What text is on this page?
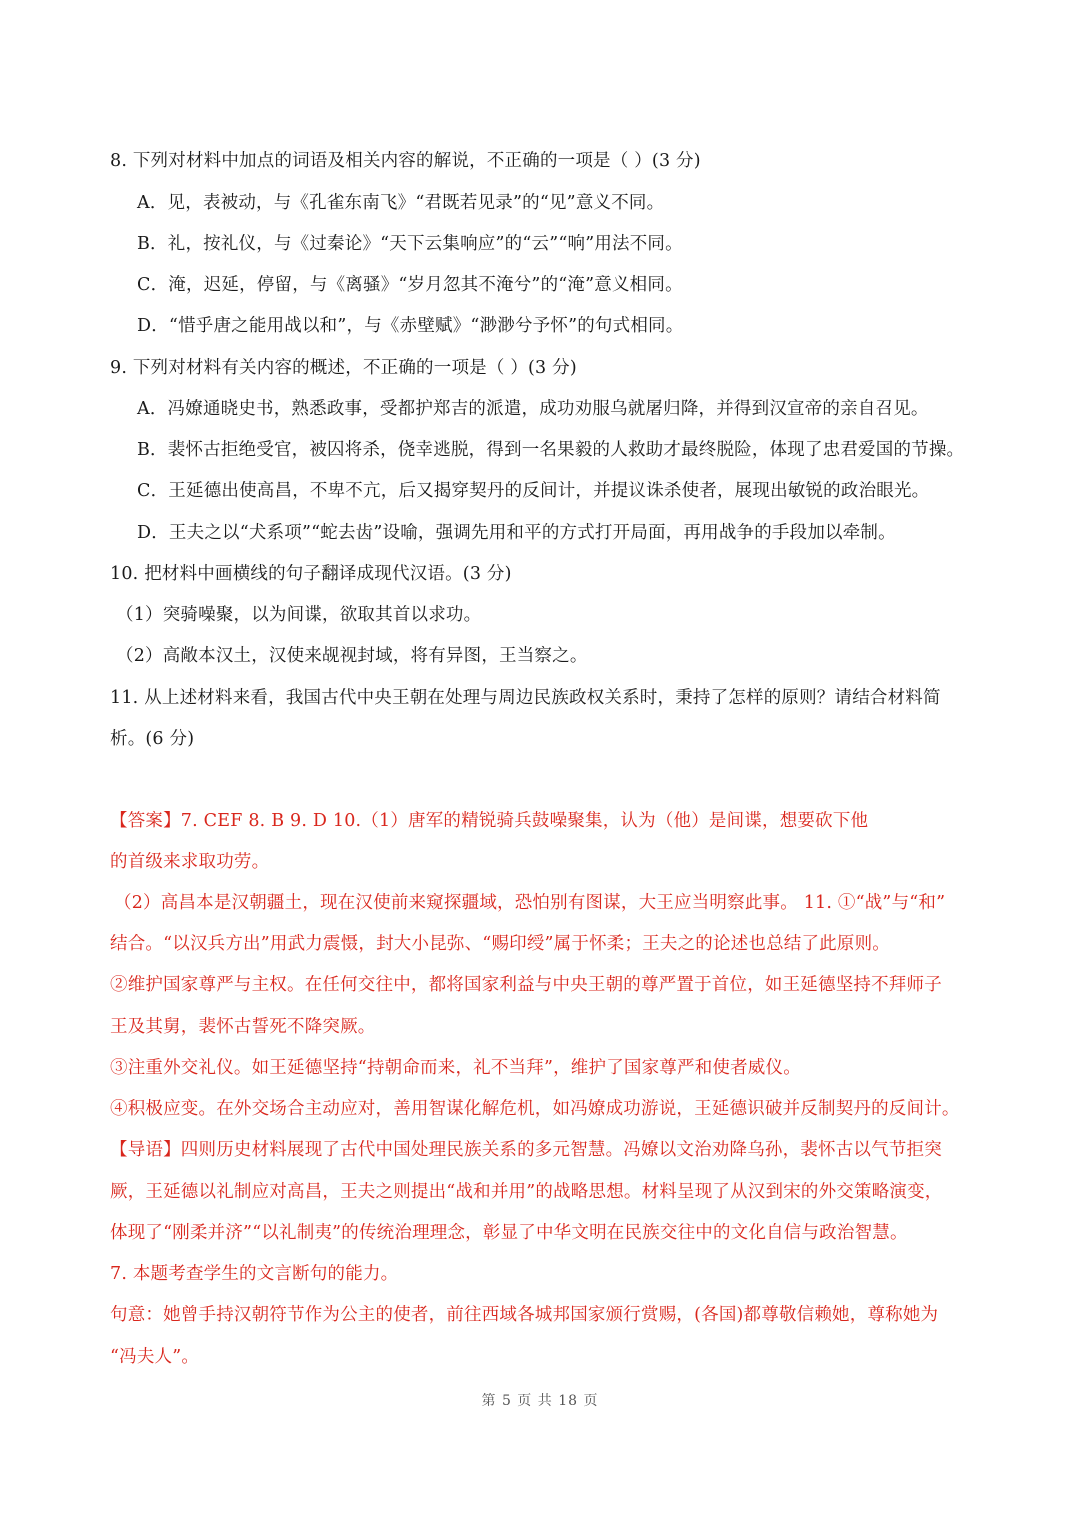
8. 下列对材料中加点的词语及相关内容的解说，不正确的一项是（ ）(3 分)
A．见，表被动，与《孔雀东南飞》“君既若见录”的“见”意义不同。
B．礼，按礼仪，与《过秦论》“天下云集响应”的“云”“响”用法不同。
C．淹，迟延，停留，与《离骚》“岁月忽其不淹兮”的“淹”意义相同。
D．“惜乎唐之能用战以和”，与《赤壁赋》“渺渺兮予怀”的句式相同。
9. 下列对材料有关内容的概述，不正确的一项是（ ）(3 分)
A．冯嫽通晓史书，熟悉政事，受都护郑吉的派遣，成功劝服乌就屠归降，并得到汉宣帝的亲自召见。
B．裴怀古拒绝受官，被囚将杀，侥幸逃脱，得到一名果毅的人救助才最终脱险，体现了忠君爱国的节操。
C．王延德出使高昌，不卑不亢，后又揭穿契丹的反间计，并提议诛杀使者，展现出敏锐的政治眼光。
D．王夫之以“犬系项”“蛇去齿”设喻，强调先用和平的方式打开局面，再用战争的手段加以牵制。
10. 把材料中画横线的句子翻译成现代汉语。(3 分)
（1）突骑噪聚，以为间谍，欲取其首以求功。
（2）高敞本汉土，汉使来觇视封域，将有异图，王当察之。
11. 从上述材料来看，我国古代中央王朝在处理与周边民族政权关系时，秉持了怎样的原则？请结合材料简
析。(6 分)
【答案】7. CEF 8. B 9. D 10.（1）唐军的精锐骑兵鼓噪聚集，认为（他）是间谍，想要砍下他
的首级来求取功劳。
（2）高昌本是汉朝疆土，现在汉使前来窥探疆域，恐怕别有图谋，大王应当明察此事。 11. ①“战”与“和”
结合。“以汉兵方出”用武力震慑，封大小昆弥、“赐印绶”属于怀柔；王夫之的论述也总结了此原则。
②维护国家尊严与主权。在任何交往中，都将国家利益与中央王朝的尊严置于首位，如王延德坚持不拜师子
王及其舅，裴怀古誓死不降突厥。
③注重外交礼仪。如王延德坚持“持朝命而来，礼不当拜”，维护了国家尊严和使者威仪。
④积极应变。在外交场合主动应对，善用智谋化解危机，如冯嫽成功游说，王延德识破并反制契丹的反间计。
【导语】四则历史材料展现了古代中国处理民族关系的多元智慧。冯嫽以文治劝降乌孙，裴怀古以气节拒突
厥，王延德以礼制应对高昌，王夫之则提出“战和并用”的战略思想。材料呈现了从汉到宋的外交策略演变，
体现了“刚柔并济”“以礼制夷”的传统治理理念，彰显了中华文明在民族交往中的文化自信与政治智慧。
7. 本题考查学生的文言断句的能力。
句意：她曾手持汉朝符节作为公主的使者，前往西域各城邦国家颁行赏赐，(各国)都尊敬信赖她，尊称她为
“冯夫人”。
第 5 页 共 18 页
